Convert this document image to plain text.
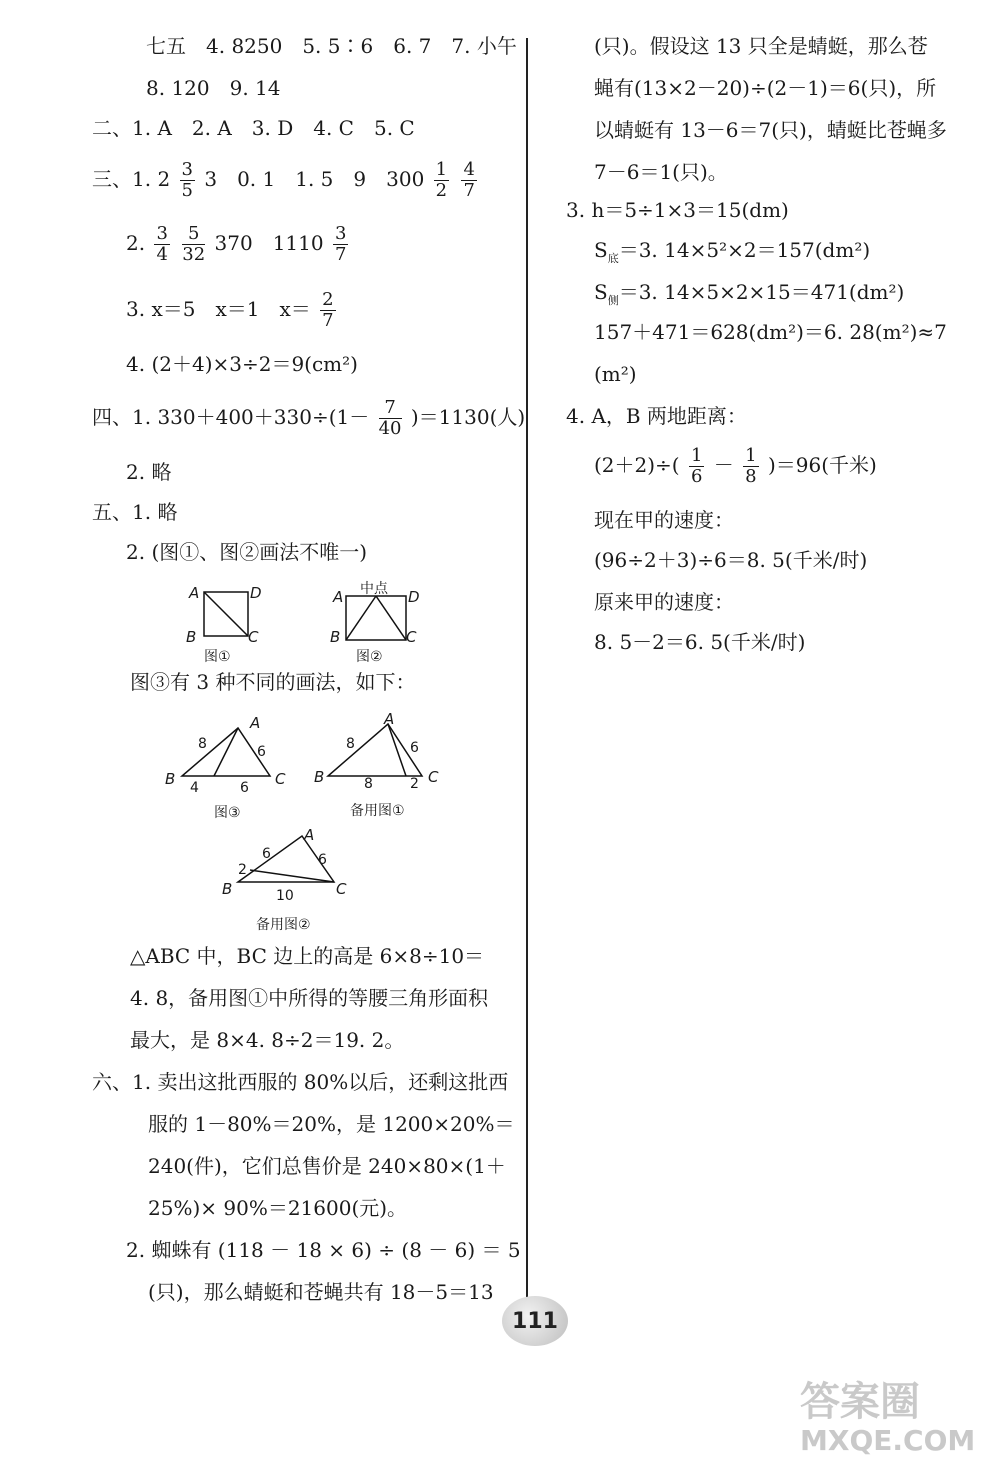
七五　4. 8250　5. 5∶6　6. 7　7. 小午
8. 120　9. 14
二、1. A　2. A　3. D　4. C　5. C
三、1. $2 \frac{3}{5} 3$　0. 1　1. 5　9　$300 \frac{1}{2}$
$\frac{4}{7}$
2. $\frac{3}{4}$
$\frac{5}{32} 370$　$1110 \frac{3}{7}$
3. x＝5　x＝1　$x= \frac{2}{7}$
4. (2＋4)×3÷2＝9(cm²)
四、1. $330+400+330\div(1- \frac{7}{40} )=1130$(人)
2. 略
五、1. 略
2. (图①、图②画法不唯一)
A	D
B	C
图①
A	D
B	C
中点
图②
图③有 3 种不同的画法，如下：
A
B	C
8	6
4	6
图③
A
B	C
8	6
8	2
备用图①
A
B	C
6	6
2
10
备用图②
△ABC 中，BC 边上的高是 6×8÷10＝
4. 8，备用图①中所得的等腰三角形面积
最大，是 8×4. 8÷2＝19. 2。
六、1. 卖出这批西服的 80%以后，还剩这批西
服的 1－80%＝20%，是 1200×20%＝
240(件)，它们总售价是 240×80×(1＋
25%)× 90%＝21600(元)。
2. 蜘蛛有 (118 － 18 × 6) ÷ (8 － 6) ＝ 5
(只)，那么蜻蜓和苍蝇共有 18－5＝13
(只)。假设这 13 只全是蜻蜓，那么苍
蝇有(13×2－20)÷(2－1)＝6(只)，所
以蜻蜓有 13－6＝7(只)，蜻蜓比苍蝇多
7－6＝1(只)。
3. h＝5÷1×3＝15(dm)
$S_底=3$. 14×5²×2＝157(dm²)
$S_侧=3$. 14×5×2×15＝471(dm²)
157＋471＝628(dm²)＝6. 28(m²)≈7
(m²)
4. A，B 两地距离：
$(2+2)\div( \frac{1}{6} - \frac{1}{8} )=96$(千米)
现在甲的速度：
(96÷2＋3)÷6＝8. 5(千米/时)
原来甲的速度：
8. 5－2＝6. 5(千米/时)
111
答案圈
MXQE.COM
